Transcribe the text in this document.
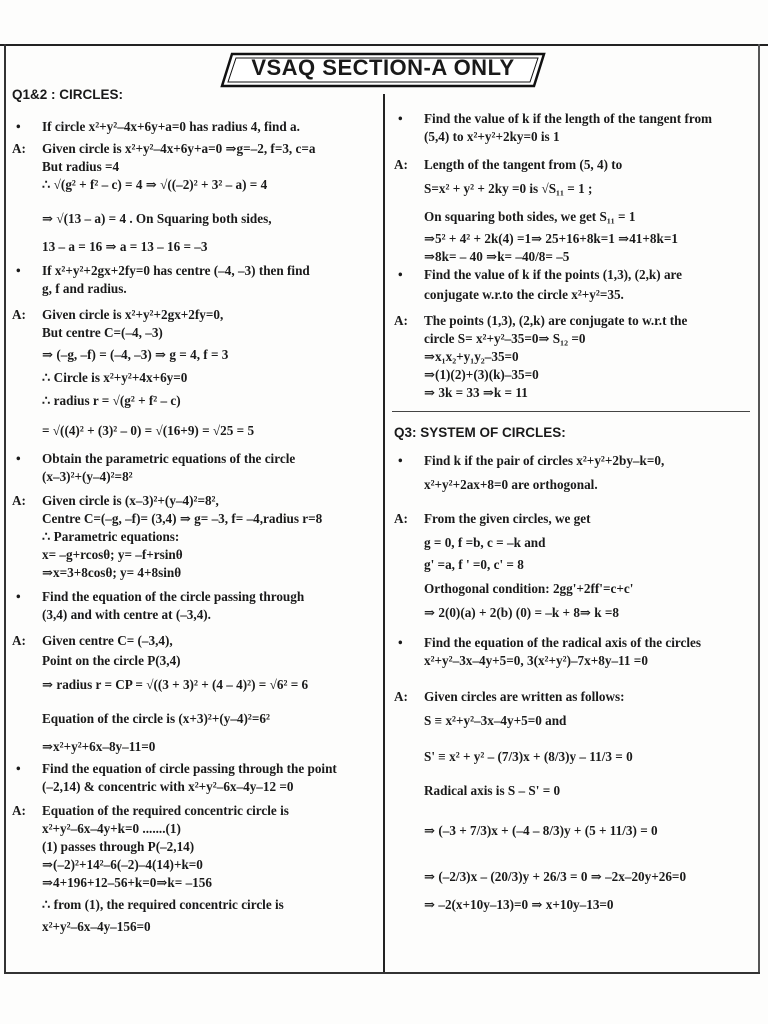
VSAQ SECTION-A ONLY
Q1&2 : CIRCLES:
• If circle x²+y²–4x+6y+a=0 has radius 4, find a.
A: Given circle is x²+y²–4x+6y+a=0 ⇒g=–2, f=3, c=a
But radius =4
∴ √(g² + f² – c) = 4 ⇒ √((–2)² + 3² – a) = 4
⇒ √(13 – a) = 4 . On Squaring both sides,
13 – a = 16 ⇒ a = 13 – 16 = –3
• If x²+y²+2gx+2fy=0 has centre (–4, –3) then find
g, f and radius.
A: Given circle is x²+y²+2gx+2fy=0,
But centre C=(–4, –3)
⇒ (–g, –f) = (–4, –3) ⇒ g = 4, f = 3
∴ Circle is x²+y²+4x+6y=0
∴ radius r = √(g² + f² – c)
= √((4)² + (3)² – 0) = √(16+9) = √25 = 5
• Obtain the parametric equations of the circle
(x–3)²+(y–4)²=8²
A: Given circle is (x–3)²+(y–4)²=8²,
Centre C=(–g, –f)= (3,4) ⇒ g= –3, f= –4,radius r=8
∴ Parametric equations:
x= –g+rcosθ; y= –f+rsinθ
⇒x=3+8cosθ; y= 4+8sinθ
• Find the equation of the circle passing through
(3,4) and with centre at (–3,4).
A: Given centre C= (–3,4),
Point on the circle P(3,4)
⇒ radius r = CP = √((3 + 3)² + (4 – 4)²) = √6² = 6
Equation of the circle is (x+3)²+(y–4)²=6²
⇒x²+y²+6x–8y–11=0
• Find the equation of circle passing through the point
(–2,14) & concentric with x²+y²–6x–4y–12 =0
A: Equation of the required concentric circle is
x²+y²–6x–4y+k=0 .......(1)
(1) passes through P(–2,14)
⇒(–2)²+14²–6(–2)–4(14)+k=0
⇒4+196+12–56+k=0⇒k= –156
∴ from (1), the required concentric circle is
x²+y²–6x–4y–156=0
• Find the value of k if the length of the tangent from
(5,4) to x²+y²+2ky=0 is 1
A: Length of the tangent from (5, 4) to
S=x² + y² + 2ky =0 is √S₁₁ = 1 ;
On squaring both sides, we get S₁₁ = 1
⇒5² + 4² + 2k(4) =1⇒ 25+16+8k=1 ⇒41+8k=1
⇒8k= – 40 ⇒k= –40/8= –5
• Find the value of k if the points (1,3), (2,k) are
conjugate w.r.to the circle x²+y²=35.
A: The points (1,3), (2,k) are conjugate to w.r.t the
circle S= x²+y²–35=0⇒ S₁₂ =0
⇒x₁x₂+y₁y₂–35=0
⇒(1)(2)+(3)(k)–35=0
⇒ 3k = 33 ⇒k = 11
Q3: SYSTEM OF CIRCLES:
• Find k if the pair of circles x²+y²+2by–k=0,
x²+y²+2ax+8=0 are orthogonal.
A: From the given circles, we get
g = 0, f =b, c = –k and
g' =a, f ' =0, c' = 8
Orthogonal condition: 2gg'+2ff'=c+c'
⇒ 2(0)(a) + 2(b) (0) = –k + 8⇒ k =8
• Find the equation of the radical axis of the circles
x²+y²–3x–4y+5=0, 3(x²+y²)–7x+8y–11 =0
A: Given circles are written as follows:
S ≡ x²+y²–3x–4y+5=0 and
S' ≡ x² + y² – (7/3)x + (8/3)y – 11/3 = 0
Radical axis is S – S' = 0
⇒ (–3 + 7/3)x + (–4 – 8/3)y + (5 + 11/3) = 0
⇒ (–2/3)x – (20/3)y + 26/3 = 0 ⇒ –2x–20y+26=0
⇒ –2(x+10y–13)=0 ⇒ x+10y–13=0
